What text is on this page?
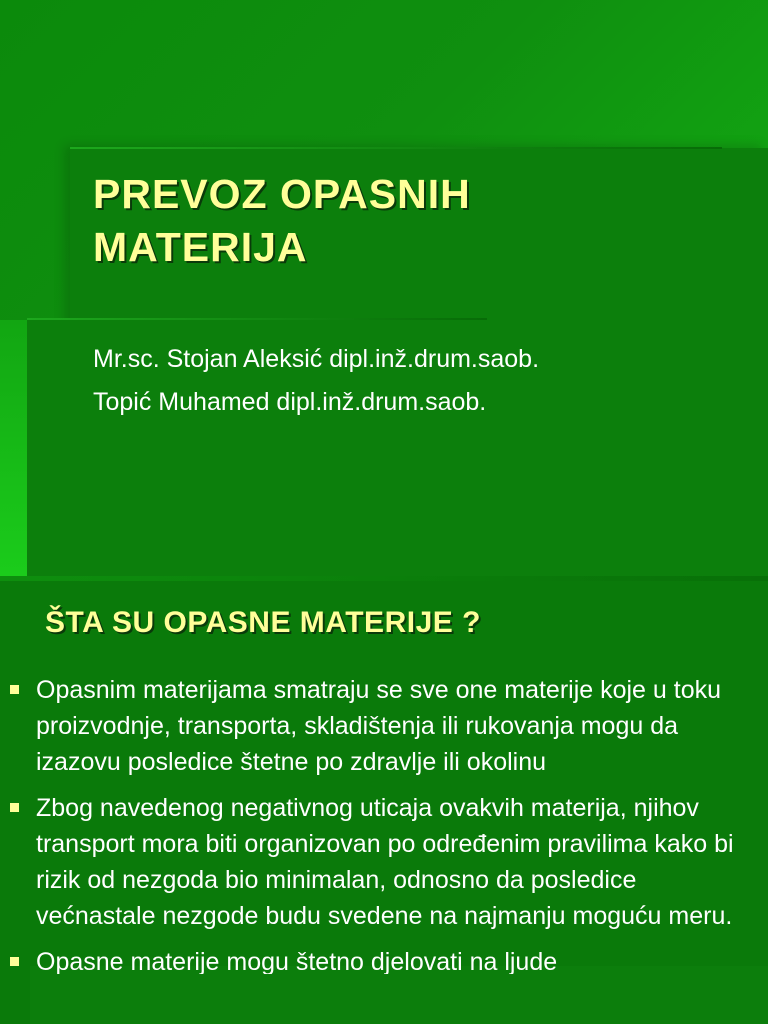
PREVOZ OPASNIH
MATERIJA
Mr.sc. Stojan Aleksić dipl.inž.drum.saob.
Topić Muhamed dipl.inž.drum.saob.
ŠTA SU OPASNE MATERIJE ?
Opasnim materijama smatraju se sve one materije koje u toku proizvodnje, transporta, skladištenja ili rukovanja mogu da izazovu posledice štetne po zdravlje ili okolinu
Zbog navedenog negativnog uticaja ovakvih materija, njihov transport mora biti organizovan po određenim pravilima kako bi rizik od nezgoda bio minimalan, odnosno da posledice većnastale nezgode budu svedene na najmanju moguću meru.
Opasne materije mogu štetno djelovati na ljude
